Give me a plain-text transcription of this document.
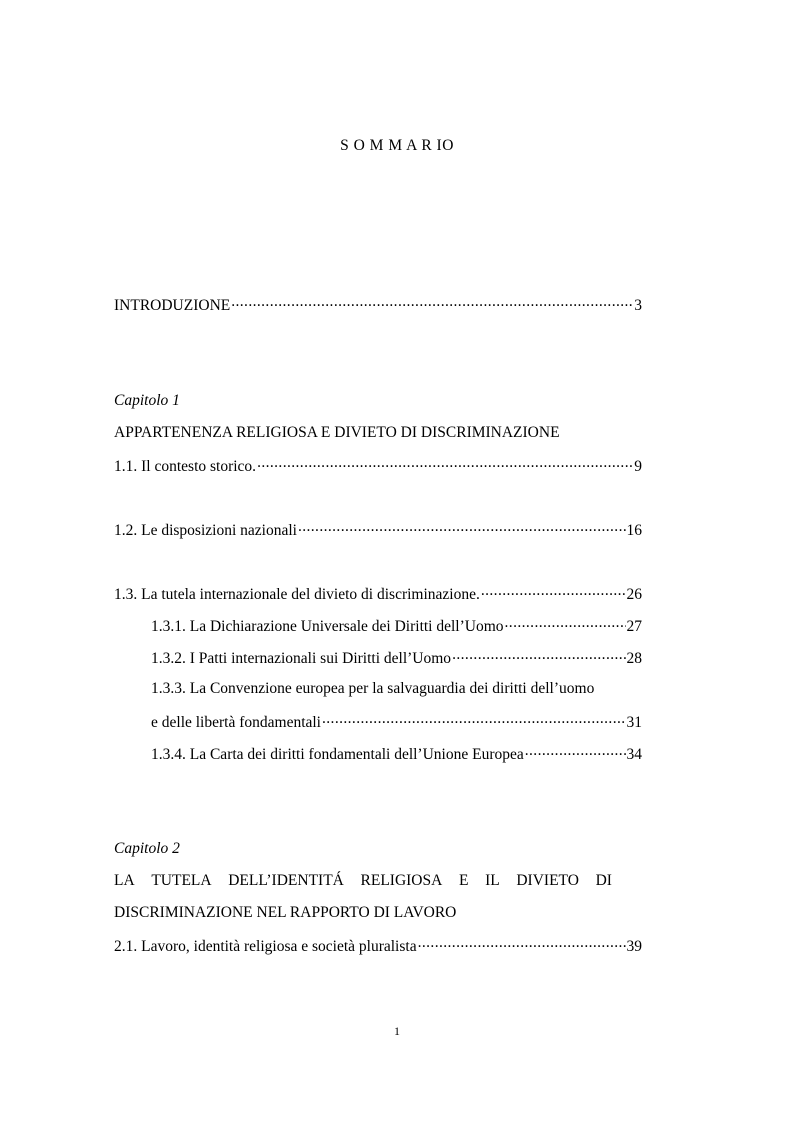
S O M M A R IO
INTRODUZIONE .....	3
Capitolo 1
APPARTENENZA RELIGIOSA E DIVIETO DI DISCRIMINAZIONE
1.1. Il contesto storico. .....	9
1.2. Le disposizioni nazionali .....	16
1.3. La tutela internazionale del divieto di discriminazione. .....	26
1.3.1. La Dichiarazione Universale dei Diritti dell’Uomo .....	27
1.3.2. I Patti internazionali sui Diritti dell’Uomo .....	28
1.3.3. La Convenzione europea per la salvaguardia dei diritti dell’uomo
e delle libertà fondamentali .....	31
1.3.4. La Carta dei diritti fondamentali dell’Unione Europea .....	34
Capitolo 2
LA TUTELA DELL’IDENTITÁ RELIGIOSA E IL DIVIETO DI
DISCRIMINAZIONE NEL RAPPORTO DI LAVORO
2.1. Lavoro, identità religiosa e società pluralista .....	39
1
